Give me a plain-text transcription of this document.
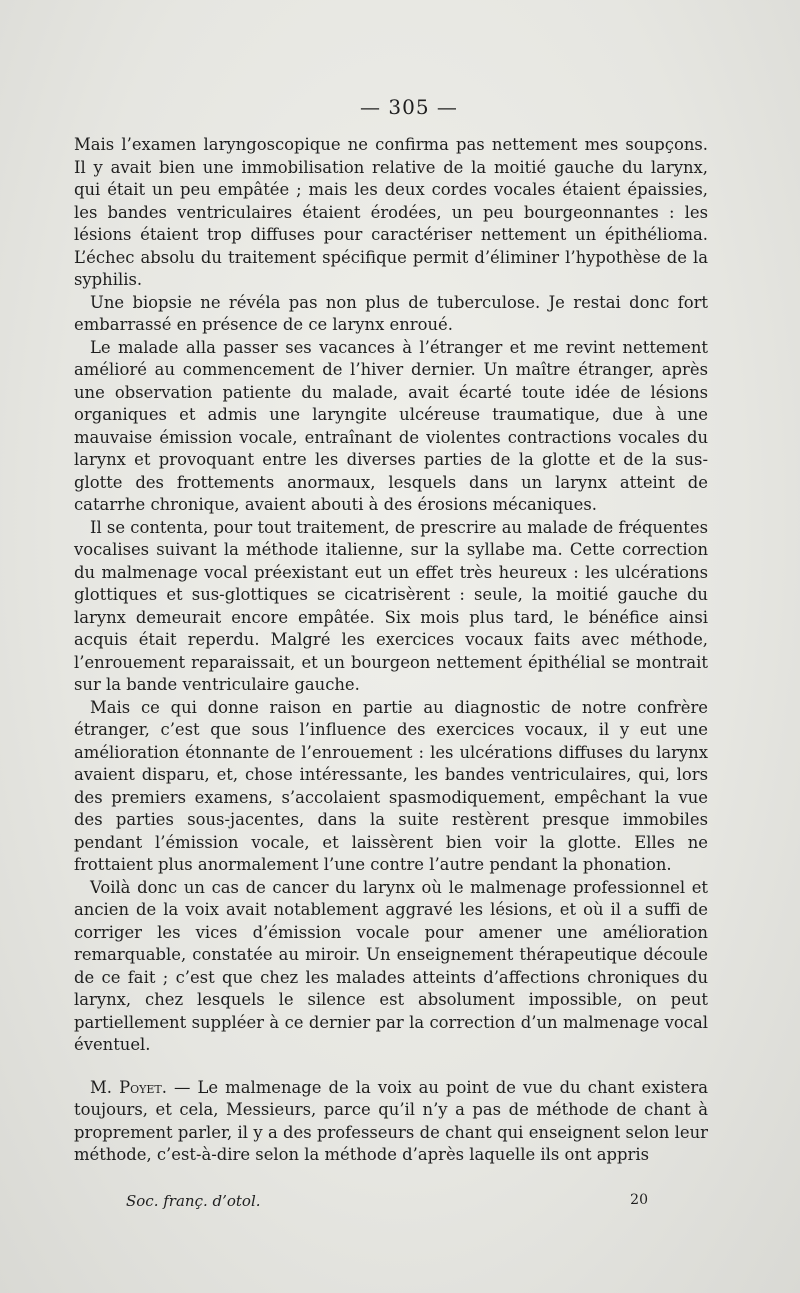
— 305 —

Mais l’examen laryngoscopique ne confirma pas nettement mes soupçons. Il y avait bien une immobilisation relative de la moitié gauche du larynx, qui était un peu empâtée ; mais les deux cordes vocales étaient épaissies, les bandes ventriculaires étaient érodées, un peu bourgeonnantes : les lésions étaient trop diffuses pour caractériser nettement un épithélioma. L’échec absolu du traitement spécifique permit d’éliminer l’hypothèse de la syphilis.

Une biopsie ne révéla pas non plus de tuberculose. Je restai donc fort embarrassé en présence de ce larynx enroué.

Le malade alla passer ses vacances à l’étranger et me revint nettement amélioré au commencement de l’hiver dernier. Un maître étranger, après une observation patiente du malade, avait écarté toute idée de lésions organiques et admis une laryngite ulcéreuse traumatique, due à une mauvaise émission vocale, entraînant de violentes contractions vocales du larynx et provoquant entre les diverses parties de la glotte et de la sus-glotte des frottements anormaux, lesquels dans un larynx atteint de catarrhe chronique, avaient abouti à des érosions mécaniques.

Il se contenta, pour tout traitement, de prescrire au malade de fréquentes vocalises suivant la méthode italienne, sur la syllabe ma. Cette correction du malmenage vocal préexistant eut un effet très heureux : les ulcérations glottiques et sus-glottiques se cicatrisèrent : seule, la moitié gauche du larynx demeurait encore empâtée. Six mois plus tard, le bénéfice ainsi acquis était reperdu. Malgré les exercices vocaux faits avec méthode, l’enrouement reparaissait, et un bourgeon nettement épithélial se montrait sur la bande ventriculaire gauche.

Mais ce qui donne raison en partie au diagnostic de notre confrère étranger, c’est que sous l’influence des exercices vocaux, il y eut une amélioration étonnante de l’enrouement : les ulcérations diffuses du larynx avaient disparu, et, chose intéressante, les bandes ventriculaires, qui, lors des premiers examens, s’accolaient spasmodiquement, empêchant la vue des parties sous-jacentes, dans la suite restèrent presque immobiles pendant l’émission vocale, et laissèrent bien voir la glotte. Elles ne frottaient plus anormalement l’une contre l’autre pendant la phonation.

Voilà donc un cas de cancer du larynx où le malmenage professionnel et ancien de la voix avait notablement aggravé les lésions, et où il a suffi de corriger les vices d’émission vocale pour amener une amélioration remarquable, constatée au miroir. Un enseignement thérapeutique découle de ce fait ; c’est que chez les malades atteints d’affections chroniques du larynx, chez lesquels le silence est absolument impossible, on peut partiellement suppléer à ce dernier par la correction d’un malmenage vocal éventuel.

M. Poyet. — Le malmenage de la voix au point de vue du chant existera toujours, et cela, Messieurs, parce qu’il n’y a pas de méthode de chant à proprement parler, il y a des professeurs de chant qui enseignent selon leur méthode, c’est-à-dire selon la méthode d’après laquelle ils ont appris

Soc. franç. d’otol.	20
